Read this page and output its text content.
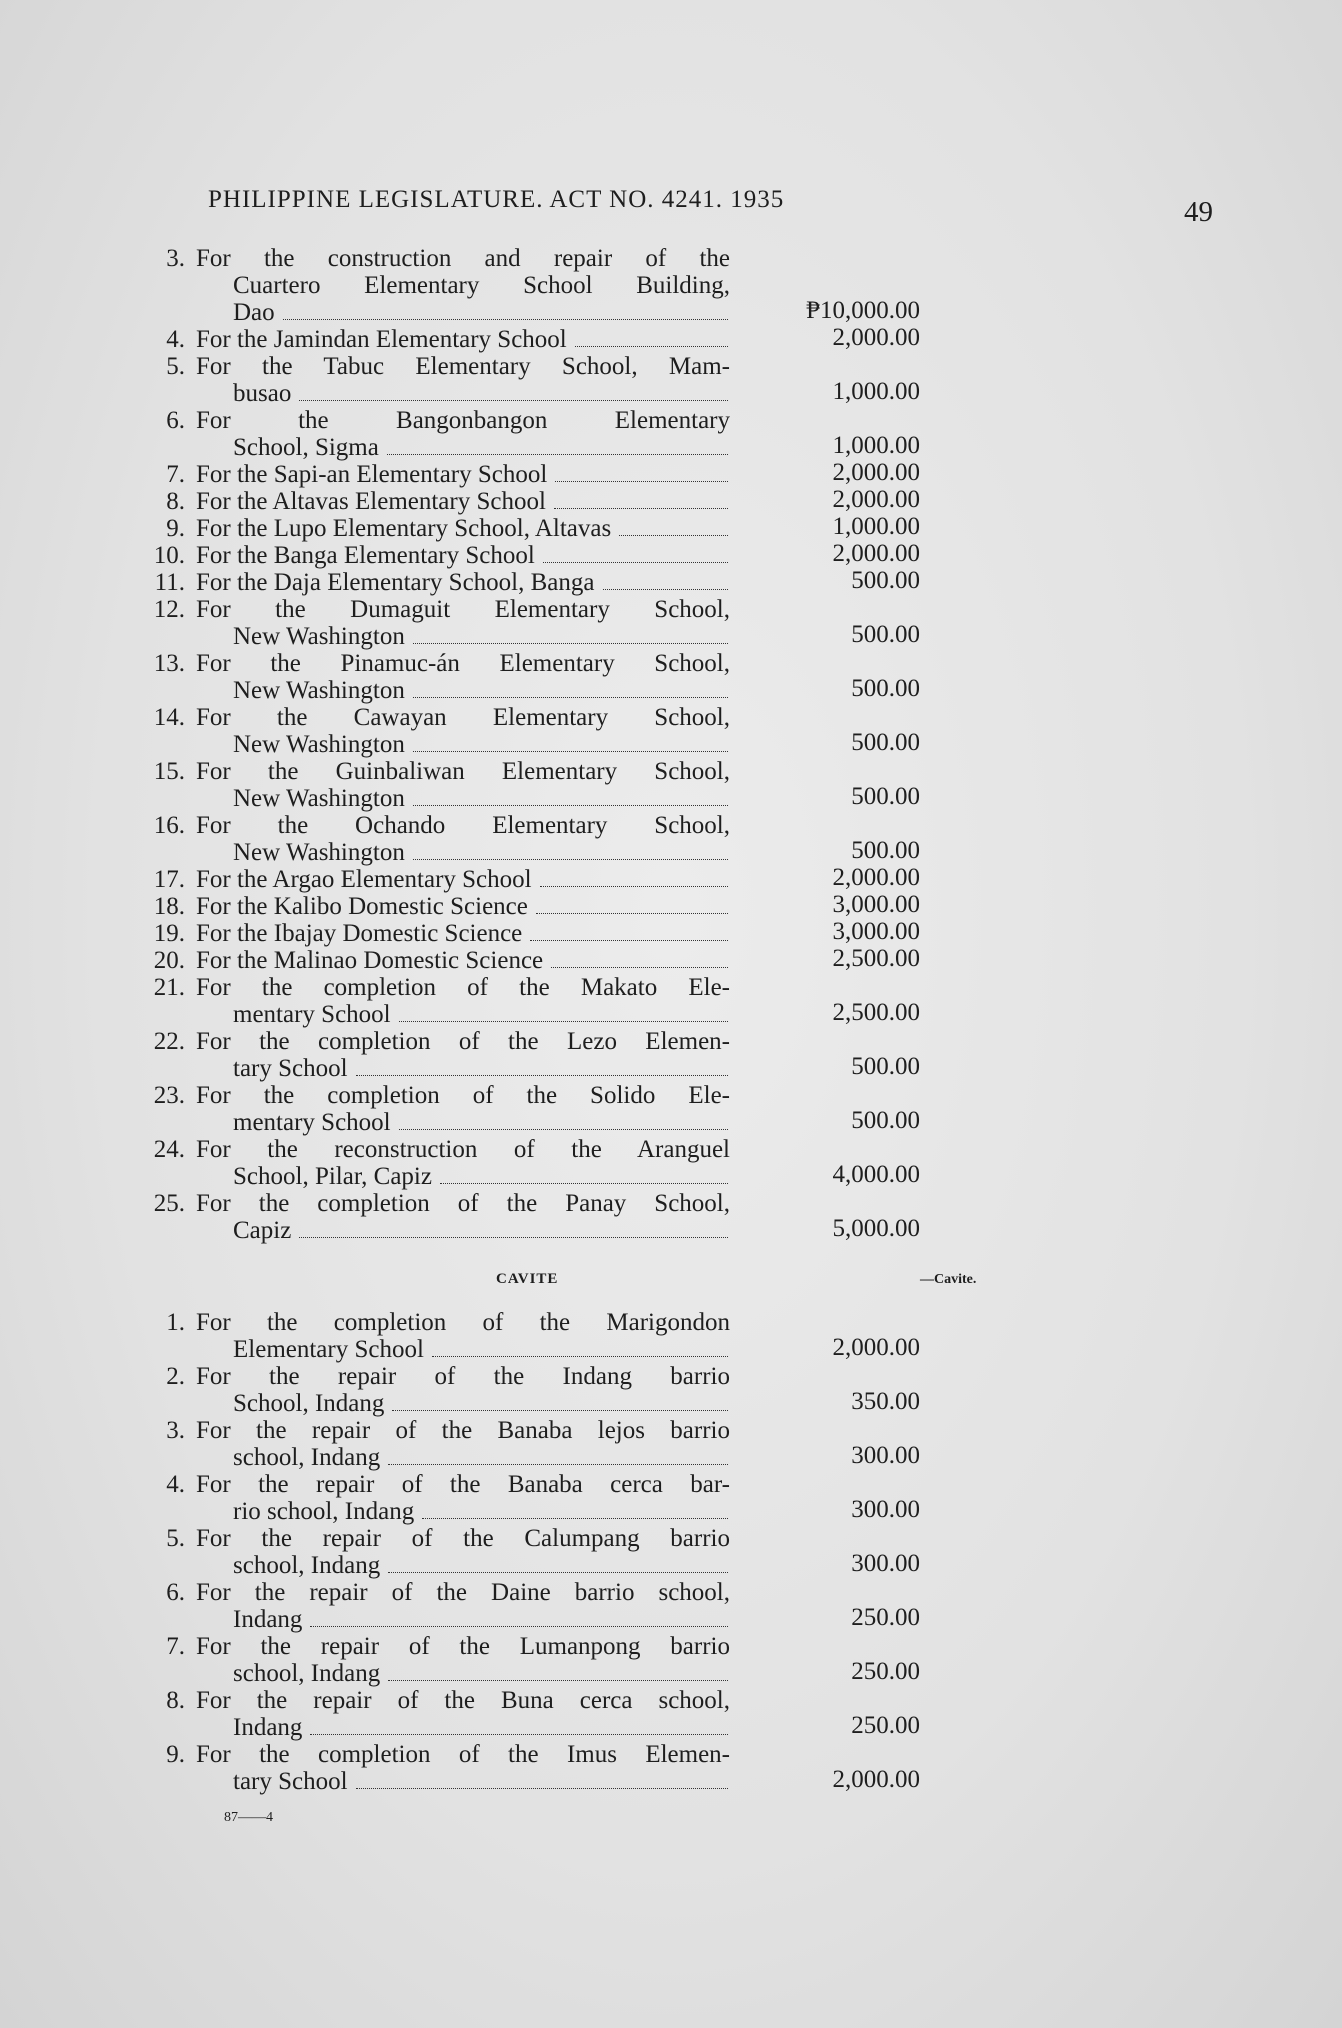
PHILIPPINE LEGISLATURE. ACT NO. 4241. 1935	49
3. For the construction and repair of the
Cuartero Elementary School Building,
Dao	₱10,000.00
4. For the Jamindan Elementary School	2,000.00
5. For the Tabuc Elementary School, Mam-
busao	1,000.00
6. For the Bangonbangon Elementary
School, Sigma	1,000.00
7. For the Sapi-an Elementary School	2,000.00
8. For the Altavas Elementary School	2,000.00
9. For the Lupo Elementary School, Altavas	1,000.00
10. For the Banga Elementary School	2,000.00
11. For the Daja Elementary School, Banga	500.00
12. For the Dumaguit Elementary School,
New Washington	500.00
13. For the Pinamuc-án Elementary School,
New Washington	500.00
14. For the Cawayan Elementary School,
New Washington	500.00
15. For the Guinbaliwan Elementary School,
New Washington	500.00
16. For the Ochando Elementary School,
New Washington	500.00
17. For the Argao Elementary School	2,000.00
18. For the Kalibo Domestic Science	3,000.00
19. For the Ibajay Domestic Science	3,000.00
20. For the Malinao Domestic Science	2,500.00
21. For the completion of the Makato Ele-
mentary School	2,500.00
22. For the completion of the Lezo Elemen-
tary School	500.00
23. For the completion of the Solido Ele-
mentary School	500.00
24. For the reconstruction of the Aranguel
School, Pilar, Capiz	4,000.00
25. For the completion of the Panay School,
Capiz	5,000.00
CAVITE	—Cavite.
1. For the completion of the Marigondon
Elementary School	2,000.00
2. For the repair of the Indang barrio
School, Indang	350.00
3. For the repair of the Banaba lejos barrio
school, Indang	300.00
4. For the repair of the Banaba cerca bar-
rio school, Indang	300.00
5. For the repair of the Calumpang barrio
school, Indang	300.00
6. For the repair of the Daine barrio school,
Indang	250.00
7. For the repair of the Lumanpong barrio
school, Indang	250.00
8. For the repair of the Buna cerca school,
Indang	250.00
9. For the completion of the Imus Elemen-
tary School	2,000.00
87——4
